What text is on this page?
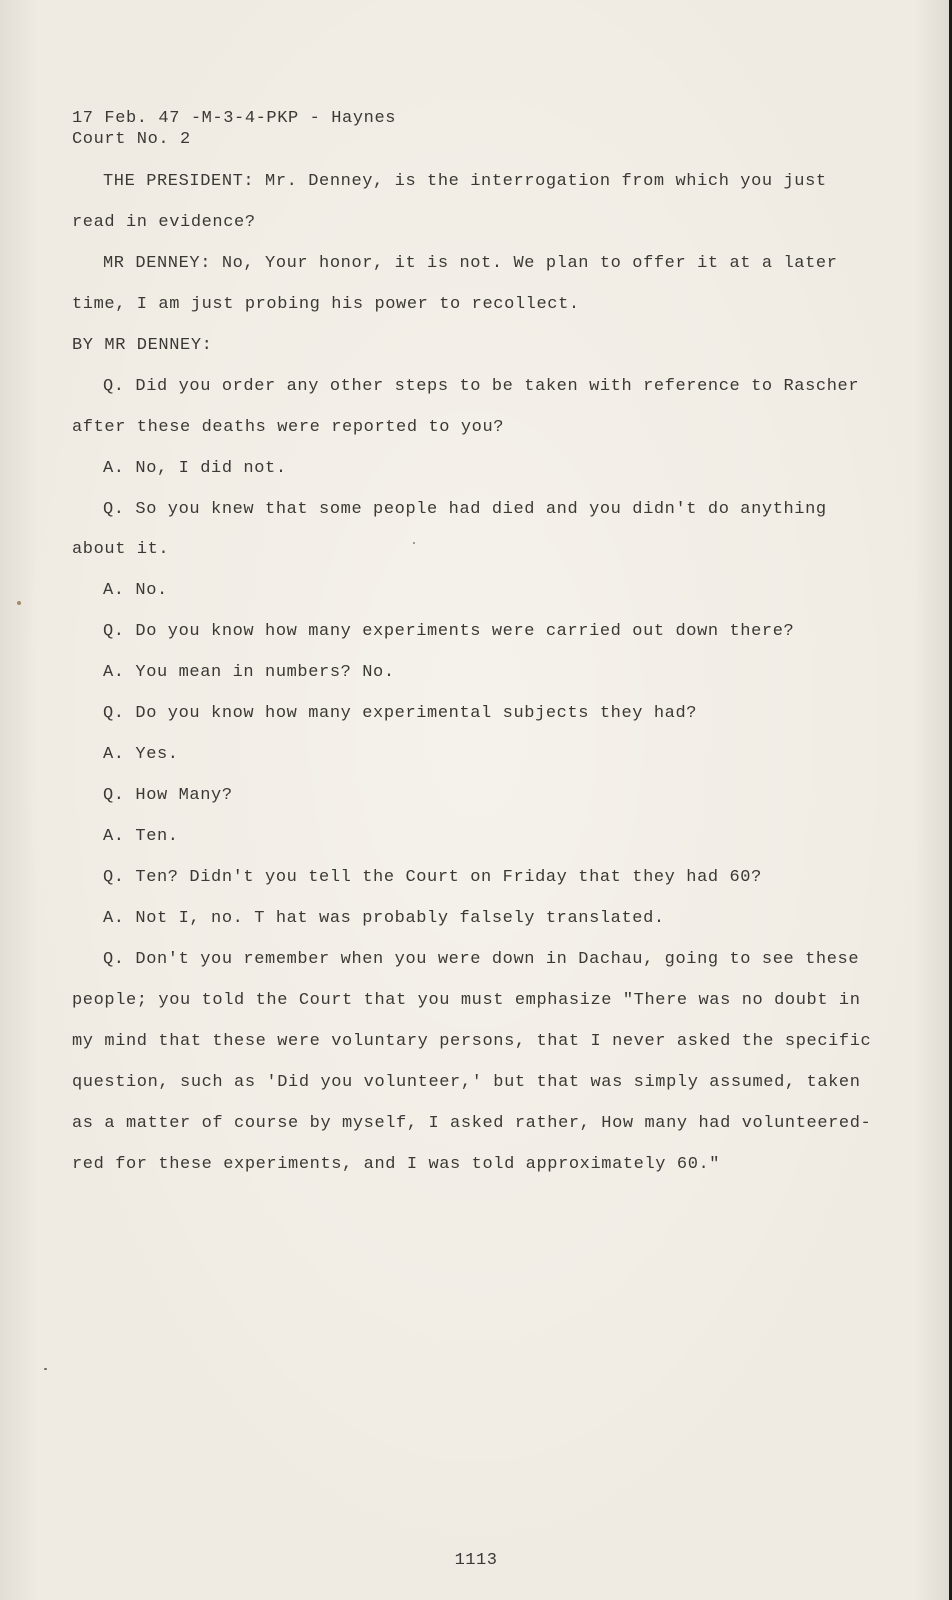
17 Feb. 47 -M-3-4-PKP - Haynes
Court No. 2
THE PRESIDENT: Mr. Denney, is the interrogation from which you just
read in evidence?
MR DENNEY: No, Your honor, it is not. We plan to offer it at a later
time, I am just probing his power to recollect.
BY MR DENNEY:
Q. Did you order any other steps to be taken with reference to Rascher
after these deaths were reported to you?
A. No, I did not.
Q. So you knew that some people had died and you didn't do anything
about it.
A. No.
Q. Do you know how many experiments were carried out down there?
A. You mean in numbers? No.
Q. Do you know how many experimental subjects they had?
A. Yes.
Q. How Many?
A. Ten.
Q. Ten? Didn't you tell the Court on Friday that they had 60?
A. Not I, no. T hat was probably falsely translated.
Q. Don't you remember when you were down in Dachau, going to see these
people; you told the Court that you must emphasize "There was no doubt in
my mind that these were voluntary persons, that I never asked the specific
question, such as 'Did you volunteer,' but that was simply assumed, taken
as a matter of course by myself, I asked rather, How many had volunteered-
red for these experiments, and I was told approximately 60."
1113
